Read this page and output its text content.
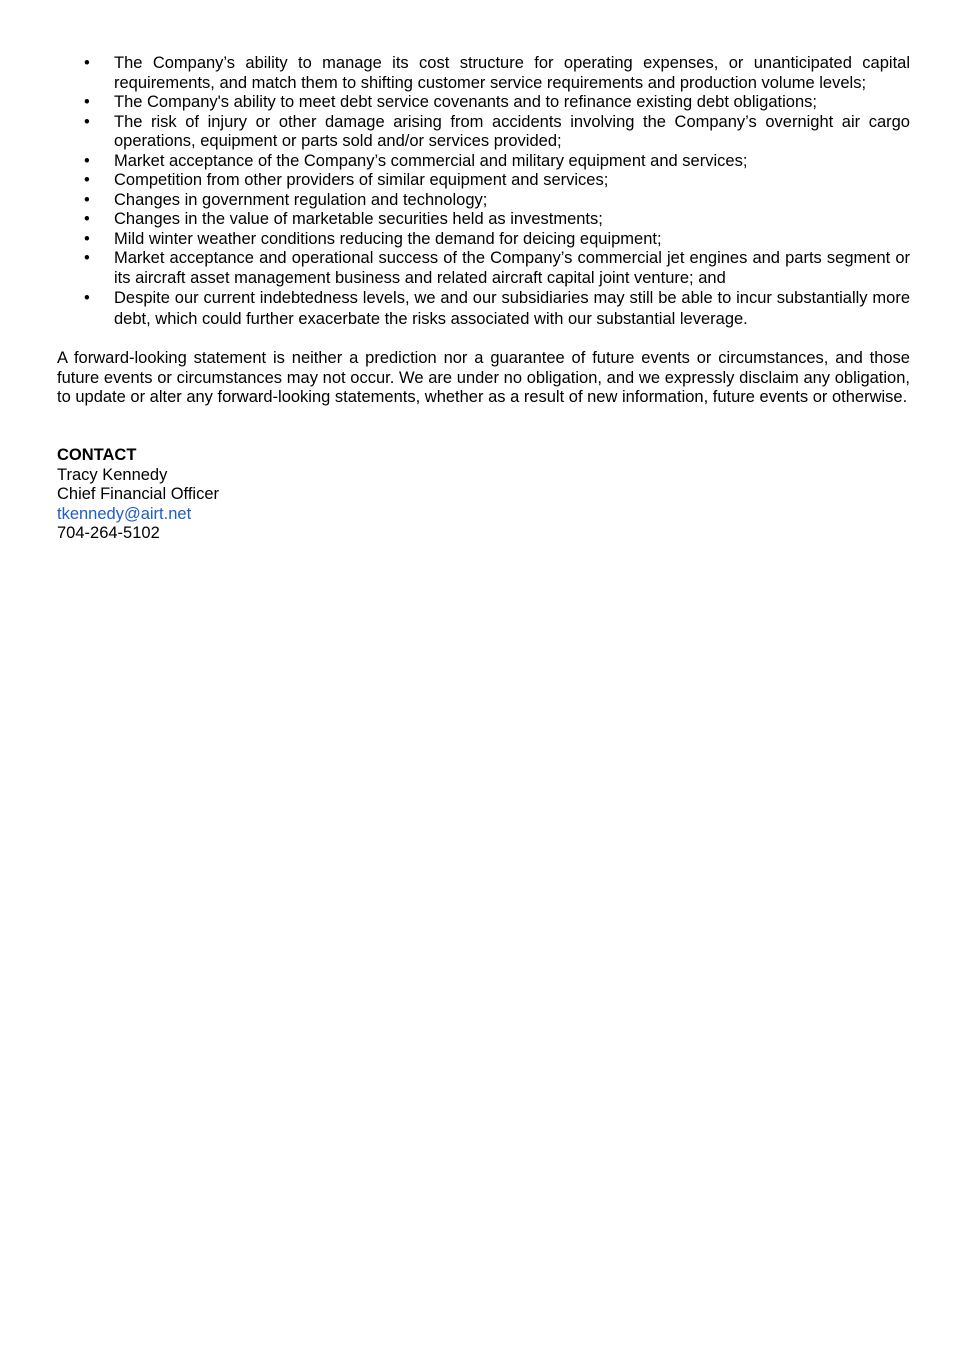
• The Company’s ability to manage its cost structure for operating expenses, or unanticipated capital requirements, and match them to shifting customer service requirements and production volume levels;
• The Company's ability to meet debt service covenants and to refinance existing debt obligations;
• The risk of injury or other damage arising from accidents involving the Company’s overnight air cargo operations, equipment or parts sold and/or services provided;
• Market acceptance of the Company’s commercial and military equipment and services;
• Competition from other providers of similar equipment and services;
• Changes in government regulation and technology;
• Changes in the value of marketable securities held as investments;
• Mild winter weather conditions reducing the demand for deicing equipment;
• Market acceptance and operational success of the Company’s commercial jet engines and parts segment or its aircraft asset management business and related aircraft capital joint venture; and
• Despite our current indebtedness levels, we and our subsidiaries may still be able to incur substantially more debt, which could further exacerbate the risks associated with our substantial leverage.

A forward-looking statement is neither a prediction nor a guarantee of future events or circumstances, and those future events or circumstances may not occur. We are under no obligation, and we expressly disclaim any obligation, to update or alter any forward-looking statements, whether as a result of new information, future events or otherwise.

CONTACT
Tracy Kennedy
Chief Financial Officer
tkennedy@airt.net
704-264-5102
